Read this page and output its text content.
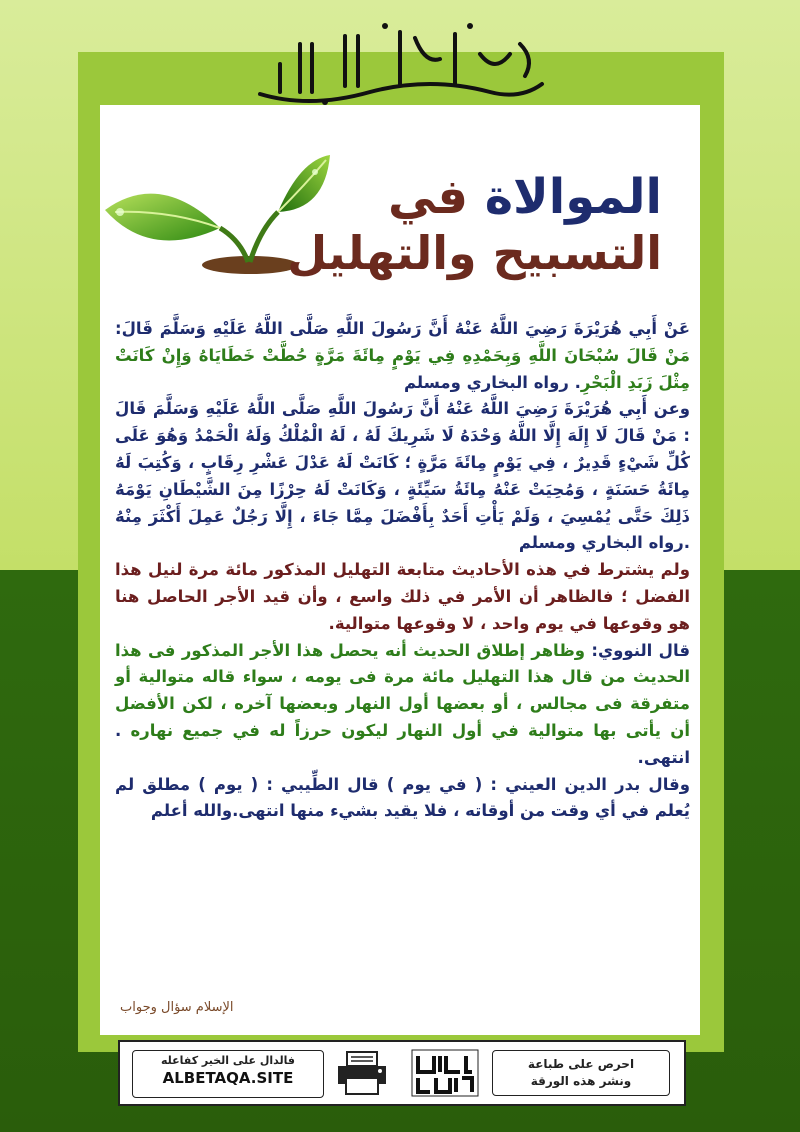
الموالاة في
التسبيح والتهليل

عَنْ أَبِي هُرَيْرَةَ رَضِيَ اللَّهُ عَنْهُ أَنَّ رَسُولَ اللَّهِ صَلَّى اللَّهُ عَلَيْهِ وَسَلَّمَ قَالَ: مَنْ قَالَ سُبْحَانَ اللَّهِ وَبِحَمْدِهِ فِي يَوْمٍ مِائَةَ مَرَّةٍ حُطَّتْ خَطَايَاهُ وَإِنْ كَانَتْ مِثْلَ زَبَدِ الْبَحْرِ. رواه البخاري ومسلم

وعن أَبِي هُرَيْرَةَ رَضِيَ اللَّهُ عَنْهُ أَنَّ رَسُولَ اللَّهِ صَلَّى اللَّهُ عَلَيْهِ وَسَلَّمَ قَالَ : مَنْ قَالَ لَا إِلَهَ إِلَّا اللَّهُ وَحْدَهُ لَا شَرِيكَ لَهُ ، لَهُ الْمُلْكُ وَلَهُ الْحَمْدُ وَهُوَ عَلَى كُلِّ شَيْءٍ قَدِيرٌ ، فِي يَوْمٍ مِائَةَ مَرَّةٍ ؛ كَانَتْ لَهُ عَدْلَ عَشْرِ رِقَابٍ ، وَكُتِبَ لَهُ مِائَةُ حَسَنَةٍ ، وَمُحِيَتْ عَنْهُ مِائَةُ سَيِّئَةٍ ، وَكَانَتْ لَهُ حِرْزًا مِنَ الشَّيْطَانِ يَوْمَهُ ذَلِكَ حَتَّى يُمْسِيَ ، وَلَمْ يَأْتِ أَحَدٌ بِأَفْضَلَ مِمَّا جَاءَ ، إِلَّا رَجُلٌ عَمِلَ أَكْثَرَ مِنْهُ .رواه البخاري ومسلم

ولم يشترط في هذه الأحاديث متابعة التهليل المذكور مائة مرة لنيل هذا الفضل ؛ فالظاهر أن الأمر في ذلك واسع ، وأن قيد الأجر الحاصل هنا هو وقوعها في يوم واحد ، لا وقوعها متوالية.

قال النووي: وظاهر إطلاق الحديث أنه يحصل هذا الأجر المذكور فى هذا الحديث من قال هذا التهليل مائة مرة فى يومه ، سواء قاله متوالية أو متفرقة فى مجالس ، أو بعضها أول النهار وبعضها آخره ، لكن الأفضل أن يأتى بها متوالية في أول النهار ليكون حرزاً له في جميع نهاره . انتهى.

وقال بدر الدين العيني : ( في يوم ) قال الطِّيبي : ( يوم ) مطلق لم يُعلم في أي وقت من أوقاته ، فلا يقيد بشيء منها انتهى.والله أعلم

الإسلام سؤال وجواب
فالدال على الخير كفاعله
ALBETAQA.SITE
احرص على طباعة
ونشر هذه الورقة
